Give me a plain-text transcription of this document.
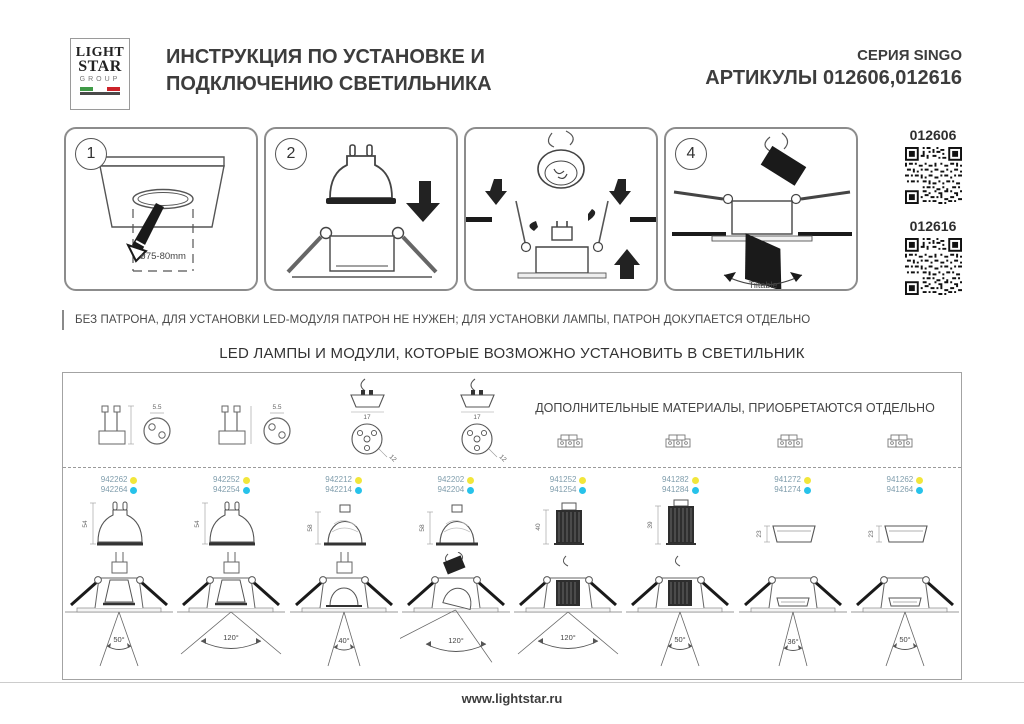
LIGHT
STAR
GROUP
ИНСТРУКЦИЯ ПО УСТАНОВКЕ И
ПОДКЛЮЧЕНИЮ СВЕТИЛЬНИКА
СЕРИЯ SINGO
АРТИКУЛЫ 012606,012616
1
ø75-80mm
2	4
Tiltable
012606
012616
БЕЗ ПАТРОНА, ДЛЯ УСТАНОВКИ LED-МОДУЛЯ ПАТРОН НЕ НУЖЕН; ДЛЯ УСТАНОВКИ ЛАМПЫ, ПАТРОН ДОКУПАЕТСЯ ОТДЕЛЬНО
LED ЛАМПЫ И МОДУЛИ, КОТОРЫЕ ВОЗМОЖНО УСТАНОВИТЬ В СВЕТИЛЬНИК
5.5	5.5
17
12
17
12
ДОПОЛНИТЕЛЬНЫЕ МАТЕРИАЛЫ, ПРИОБРЕТАЮТСЯ ОТДЕЛЬНО
942262
942264
54
50°
942252
942254
54
120°
942212
942214
58
40°
942202
942204
58
120°
941252
941254
40
120°
941282
941284
39
50°
941272
941274
23
36°
941262
941264
23
50°
www.lightstar.ru
